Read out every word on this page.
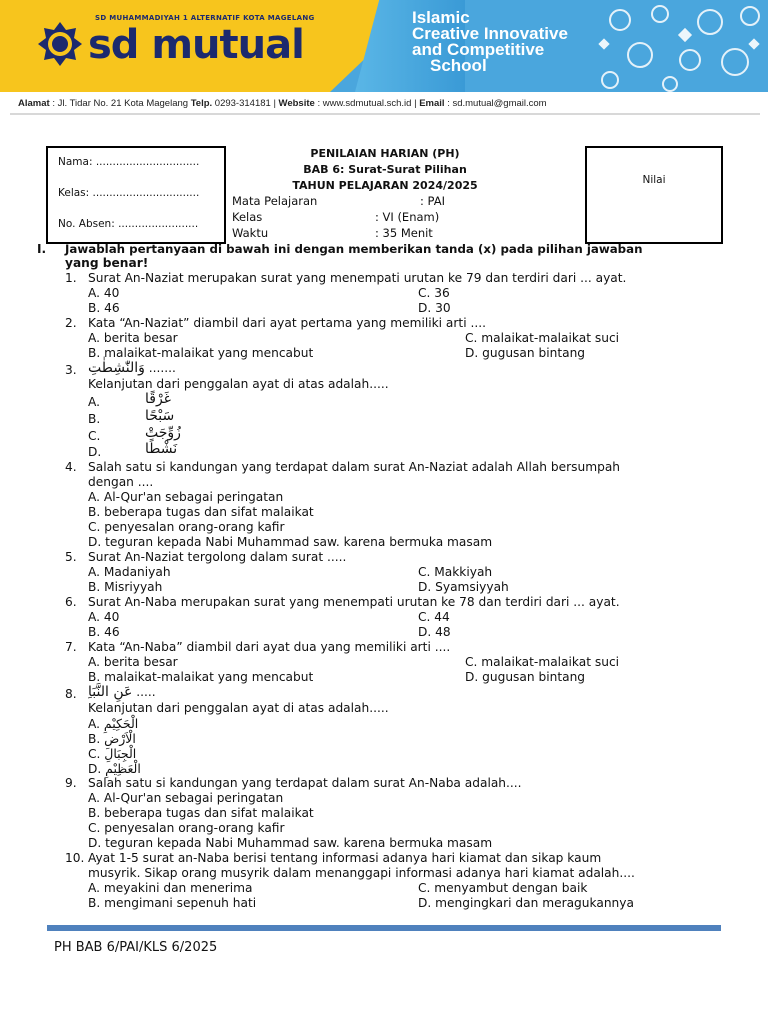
SD MUHAMMADIYAH 1 ALTERNATIF KOTA MAGELANG
sd mutual
Islamic
Creative Innovative
and Competitive
School
Alamat : Jl. Tidar No. 21 Kota Magelang Telp. 0293-314181 | Website : www.sdmutual.sch.id | Email : sd.mutual@gmail.com
Nama: ...............................
Kelas: ................................
No. Absen: ........................
PENILAIAN HARIAN (PH)
BAB 6: Surat-Surat Pilihan
TAHUN PELAJARAN 2024/2025
Mata Pelajaran	: PAI
Kelas	: VI (Enam)
Waktu	: 35 Menit
Nilai
I. Jawablah pertanyaan di bawah ini dengan memberikan tanda (x) pada pilihan jawaban
yang benar!
1. Surat An-Naziat merupakan surat yang menempati urutan ke 79 dan terdiri dari ... ayat.
A. 40	C. 36
B. 46	D. 30
2. Kata “An-Naziat” diambil dari ayat pertama yang memiliki arti ....
A. berita besar	C. malaikat-malaikat suci
B. malaikat-malaikat yang mencabut	D. gugusan bintang
3. وَالنّٰشِطٰتِ .......
Kelanjutan dari penggalan ayat di atas adalah.....
A.	غَرْقًا
B.	سَبْحًا
C.	زُوِّجَتْ
D.	نَشْطًا
4. Salah satu si kandungan yang terdapat dalam surat An-Naziat adalah Allah bersumpah
dengan ....
A. Al-Qur'an sebagai peringatan
B. beberapa tugas dan sifat malaikat
C. penyesalan orang-orang kafir
D. teguran kepada Nabi Muhammad saw. karena bermuka masam
5. Surat An-Naziat tergolong dalam surat .....
A. Madaniyah	C. Makkiyah
B. Misriyyah	D. Syamsiyyah
6. Surat An-Naba merupakan surat yang menempati urutan ke 78 dan terdiri dari ... ayat.
A. 40	C. 44
B. 46	D. 48
7. Kata “An-Naba” diambil dari ayat dua yang memiliki arti ....
A. berita besar	C. malaikat-malaikat suci
B. malaikat-malaikat yang mencabut	D. gugusan bintang
8. عَنِ النَّبَاِ .....
Kelanjutan dari penggalan ayat di atas adalah.....
A. الْحَكِيْمِ
B. الْاَرْضِ
C. الْجِبَالِ
D. الْعَظِيْمِ
9. Salah satu si kandungan yang terdapat dalam surat An-Naba adalah....
A. Al-Qur'an sebagai peringatan
B. beberapa tugas dan sifat malaikat
C. penyesalan orang-orang kafir
D. teguran kepada Nabi Muhammad saw. karena bermuka masam
10. Ayat 1-5 surat an-Naba berisi tentang informasi adanya hari kiamat dan sikap kaum
musyrik. Sikap orang musyrik dalam menanggapi informasi adanya hari kiamat adalah....
A. meyakini dan menerima	C. menyambut dengan baik
B. mengimani sepenuh hati	D. mengingkari dan meragukannya
PH BAB 6/PAI/KLS 6/2025
